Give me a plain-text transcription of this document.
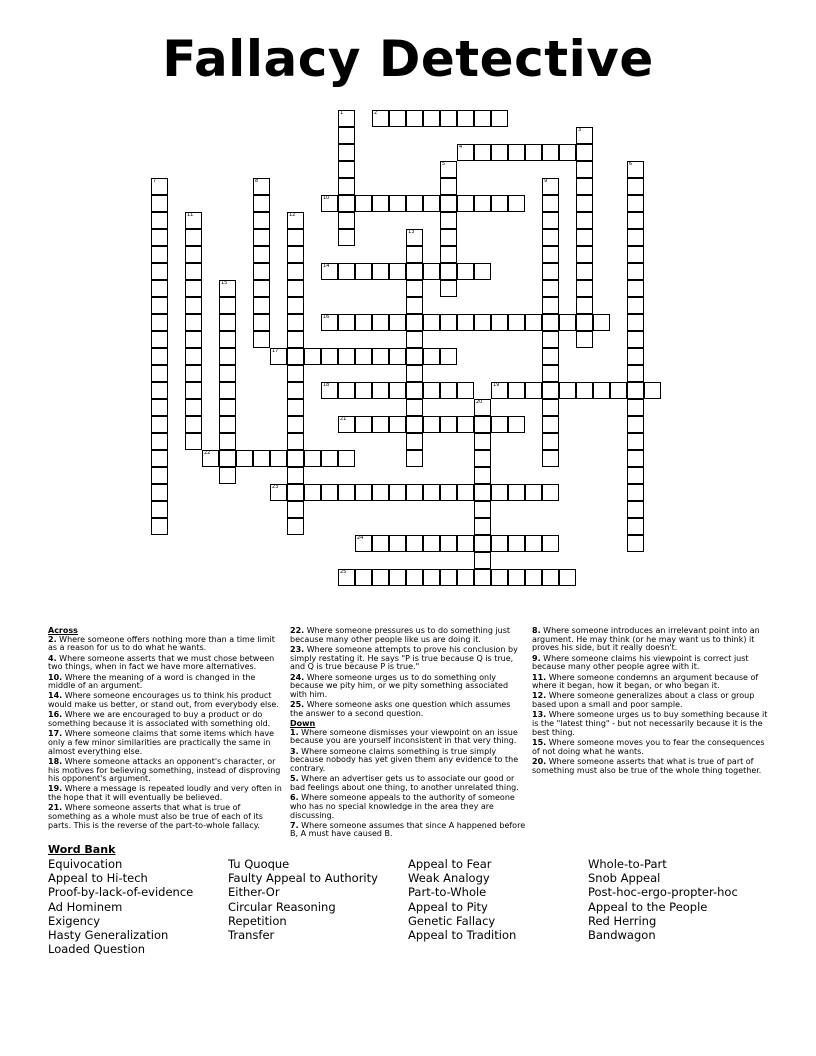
Fallacy Detective
1	2
3
4
5	6
7	8	9
10
11	12
13
14
15
16
17
18	19
20
21
22
23
24
25
Across
2. Where someone offers nothing more than a time limit as a reason for us to do what he wants.
4. Where someone asserts that we must chose between two things, when in fact we have more alternatives.
10. Where the meaning of a word is changed in the middle of an argument.
14. Where someone encourages us to think his product would make us better, or stand out, from everybody else.
16. Where we are encouraged to buy a product or do something because it is associated with something old.
17. Where someone claims that some items which have only a few minor similarities are practically the same in almost everything else.
18. Where someone attacks an opponent's character, or his motives for believing something, instead of disproving his opponent's argument.
19. Where a message is repeated loudly and very often in the hope that it will eventually be believed.
21. Where someone asserts that what is true of something as a whole must also be true of each of its parts. This is the reverse of the part-to-whole fallacy.
22. Where someone pressures us to do something just because many other people like us are doing it.
23. Where someone attempts to prove his conclusion by simply restating it. He says "P is true because Q is true, and Q is true because P is true."
24. Where someone urges us to do something only because we pity him, or we pity something associated with him.
25. Where someone asks one question which assumes the answer to a second question.
Down
1. Where someone dismisses your viewpoint on an issue because you are yourself inconsistent in that very thing.
3. Where someone claims something is true simply because nobody has yet given them any evidence to the contrary.
5. Where an advertiser gets us to associate our good or bad feelings about one thing, to another unrelated thing.
6. Where someone appeals to the authority of someone who has no special knowledge in the area they are discussing.
7. Where someone assumes that since A happened before B, A must have caused B.
8. Where someone introduces an irrelevant point into an argument. He may think (or he may want us to think) it proves his side, but it really doesn't.
9. Where someone claims his viewpoint is correct just because many other people agree with it.
11. Where someone condemns an argument because of where it began, how it began, or who began it.
12. Where someone generalizes about a class or group based upon a small and poor sample.
13. Where someone urges us to buy something because it is the "latest thing" - but not necessarily because it is the best thing.
15. Where someone moves you to fear the consequences of not doing what he wants.
20. Where someone asserts that what is true of part of something must also be true of the whole thing together.
Word Bank
Equivocation
Appeal to Hi-tech
Proof-by-lack-of-evidence
Ad Hominem
Exigency
Hasty Generalization
Loaded Question
Tu Quoque
Faulty Appeal to Authority
Either-Or
Circular Reasoning
Repetition
Transfer
Appeal to Fear
Weak Analogy
Part-to-Whole
Appeal to Pity
Genetic Fallacy
Appeal to Tradition
Whole-to-Part
Snob Appeal
Post-hoc-ergo-propter-hoc
Appeal to the People
Red Herring
Bandwagon
